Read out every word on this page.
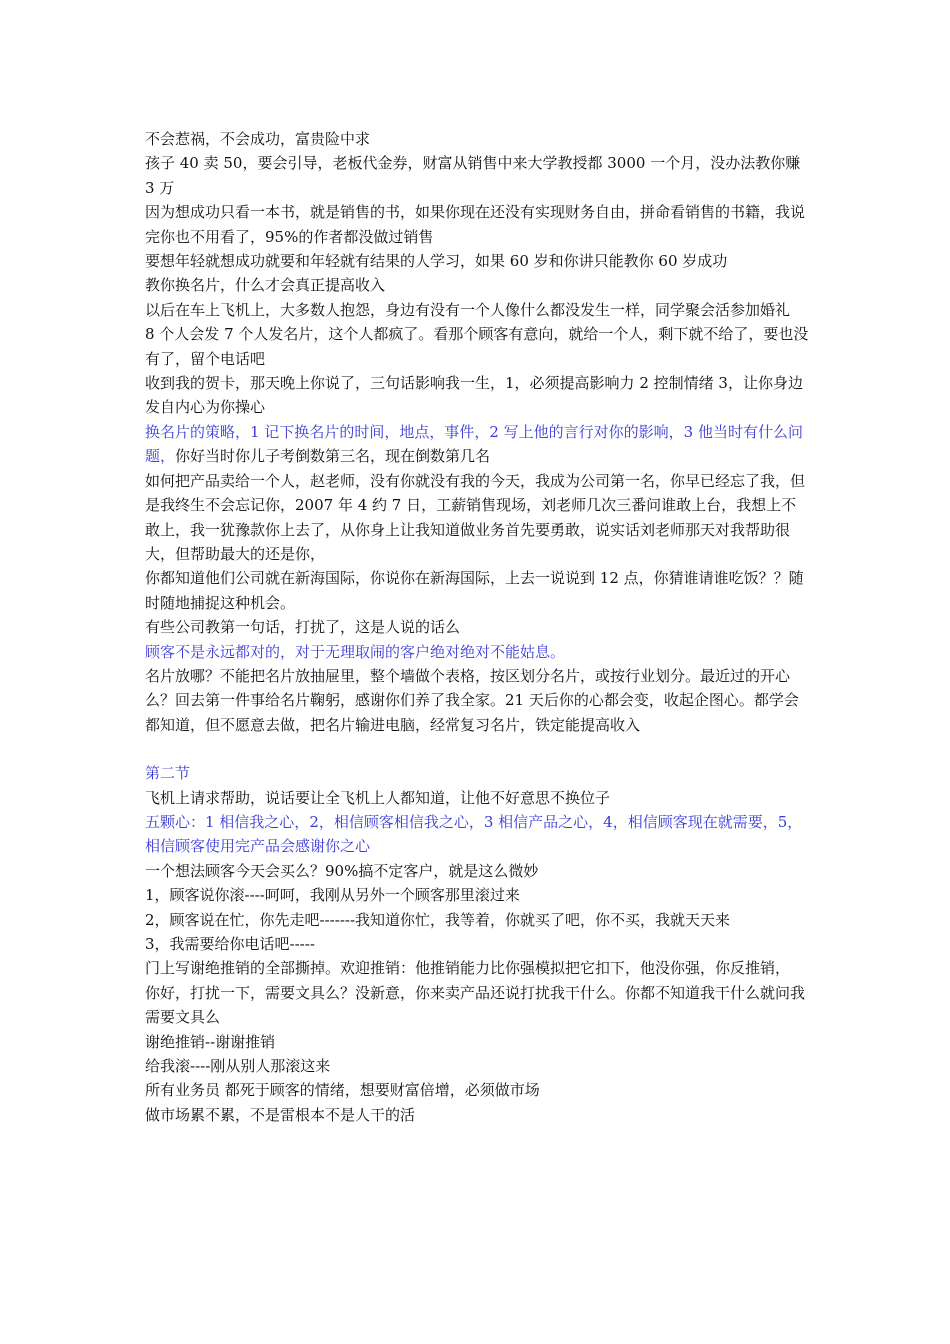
不会惹祸，不会成功，富贵险中求

孩子 40 卖 50，要会引导，老板代金券，财富从销售中来大学教授都 3000 一个月，没办法教你赚 3 万

因为想成功只看一本书，就是销售的书，如果你现在还没有实现财务自由，拼命看销售的书籍，我说完你也不用看了，95%的作者都没做过销售

要想年轻就想成功就要和年轻就有结果的人学习，如果 60 岁和你讲只能教你 60 岁成功

教你换名片，什么才会真正提高收入

以后在车上飞机上，大多数人抱怨，身边有没有一个人像什么都没发生一样，同学聚会活参加婚礼

8 个人会发 7 个人发名片，这个人都疯了。看那个顾客有意向，就给一个人，剩下就不给了，要也没有了，留个电话吧

收到我的贺卡，那天晚上你说了，三句话影响我一生，1，必须提高影响力 2 控制情绪 3，让你身边发自内心为你操心

换名片的策略，1 记下换名片的时间，地点，事件，2 写上他的言行对你的影响，3 他当时有什么问题，你好当时你儿子考倒数第三名，现在倒数第几名

如何把产品卖给一个人，赵老师，没有你就没有我的今天，我成为公司第一名，你早已经忘了我，但是我终生不会忘记你，2007 年 4 约 7 日，工薪销售现场，刘老师几次三番问谁敢上台，我想上不敢上，我一犹豫款你上去了，从你身上让我知道做业务首先要勇敢，说实话刘老师那天对我帮助很大，但帮助最大的还是你，

你都知道他们公司就在新海国际，你说你在新海国际，上去一说说到 12 点，你猜谁请谁吃饭？？随时随地捕捉这种机会。

有些公司教第一句话，打扰了，这是人说的话么

顾客不是永远都对的，对于无理取闹的客户绝对绝对不能姑息。

名片放哪？不能把名片放抽屉里，整个墙做个表格，按区划分名片，或按行业划分。最近过的开心么？回去第一件事给名片鞠躬，感谢你们养了我全家。21 天后你的心都会变，收起企图心。都学会都知道，但不愿意去做，把名片输进电脑，经常复习名片，铁定能提高收入

第二节

飞机上请求帮助，说话要让全飞机上人都知道，让他不好意思不换位子

五颗心：1 相信我之心，2，相信顾客相信我之心，3 相信产品之心，4，相信顾客现在就需要，5，相信顾客使用完产品会感谢你之心

一个想法顾客今天会买么？90%搞不定客户，就是这么微妙

1，顾客说你滚----呵呵，我刚从另外一个顾客那里滚过来

2，顾客说在忙，你先走吧-------我知道你忙，我等着，你就买了吧，你不买，我就天天来

3，我需要给你电话吧-----

门上写谢绝推销的全部撕掉。欢迎推销：他推销能力比你强模拟把它扣下，他没你强，你反推销，

你好，打扰一下，需要文具么？没新意，你来卖产品还说打扰我干什么。你都不知道我干什么就问我需要文具么

谢绝推销--谢谢推销

给我滚----刚从别人那滚这来

所有业务员 都死于顾客的情绪，想要财富倍增，必须做市场

做市场累不累，不是雷根本不是人干的活
